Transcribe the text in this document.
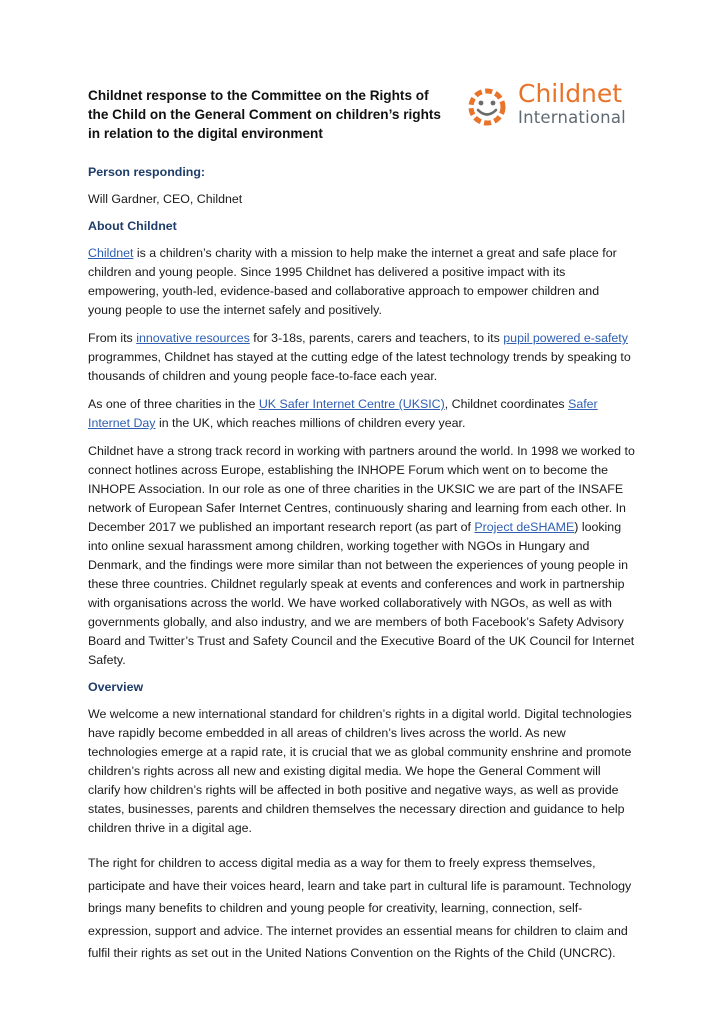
Childnet response to the Committee on the Rights of the Child on the General Comment on children’s rights in relation to the digital environment
Childnet
International
Person responding:

Will Gardner, CEO, Childnet

About Childnet

Childnet is a children’s charity with a mission to help make the internet a great and safe place for children and young people. Since 1995 Childnet has delivered a positive impact with its empowering, youth-led, evidence-based and collaborative approach to empower children and young people to use the internet safely and positively.

From its innovative resources for 3-18s, parents, carers and teachers, to its pupil powered e-safety programmes, Childnet has stayed at the cutting edge of the latest technology trends by speaking to thousands of children and young people face-to-face each year.

As one of three charities in the UK Safer Internet Centre (UKSIC), Childnet coordinates Safer Internet Day in the UK, which reaches millions of children every year.

Childnet have a strong track record in working with partners around the world. In 1998 we worked to connect hotlines across Europe, establishing the INHOPE Forum which went on to become the INHOPE Association. In our role as one of three charities in the UKSIC we are part of the INSAFE network of European Safer Internet Centres, continuously sharing and learning from each other. In December 2017 we published an important research report (as part of Project deSHAME) looking into online sexual harassment among children, working together with NGOs in Hungary and Denmark, and the findings were more similar than not between the experiences of young people in these three countries. Childnet regularly speak at events and conferences and work in partnership with organisations across the world. We have worked collaboratively with NGOs, as well as with governments globally, and also industry, and we are members of both Facebook’s Safety Advisory Board and Twitter’s Trust and Safety Council and the Executive Board of the UK Council for Internet Safety.

Overview

We welcome a new international standard for children’s rights in a digital world. Digital technologies have rapidly become embedded in all areas of children’s lives across the world. As new technologies emerge at a rapid rate, it is crucial that we as global community enshrine and promote children’s rights across all new and existing digital media. We hope the General Comment will clarify how children’s rights will be affected in both positive and negative ways, as well as provide states, businesses, parents and children themselves the necessary direction and guidance to help children thrive in a digital age.

The right for children to access digital media as a way for them to freely express themselves, participate and have their voices heard, learn and take part in cultural life is paramount. Technology brings many benefits to children and young people for creativity, learning, connection, self-expression, support and advice. The internet provides an essential means for children to claim and fulfil their rights as set out in the United Nations Convention on the Rights of the Child (UNCRC).
